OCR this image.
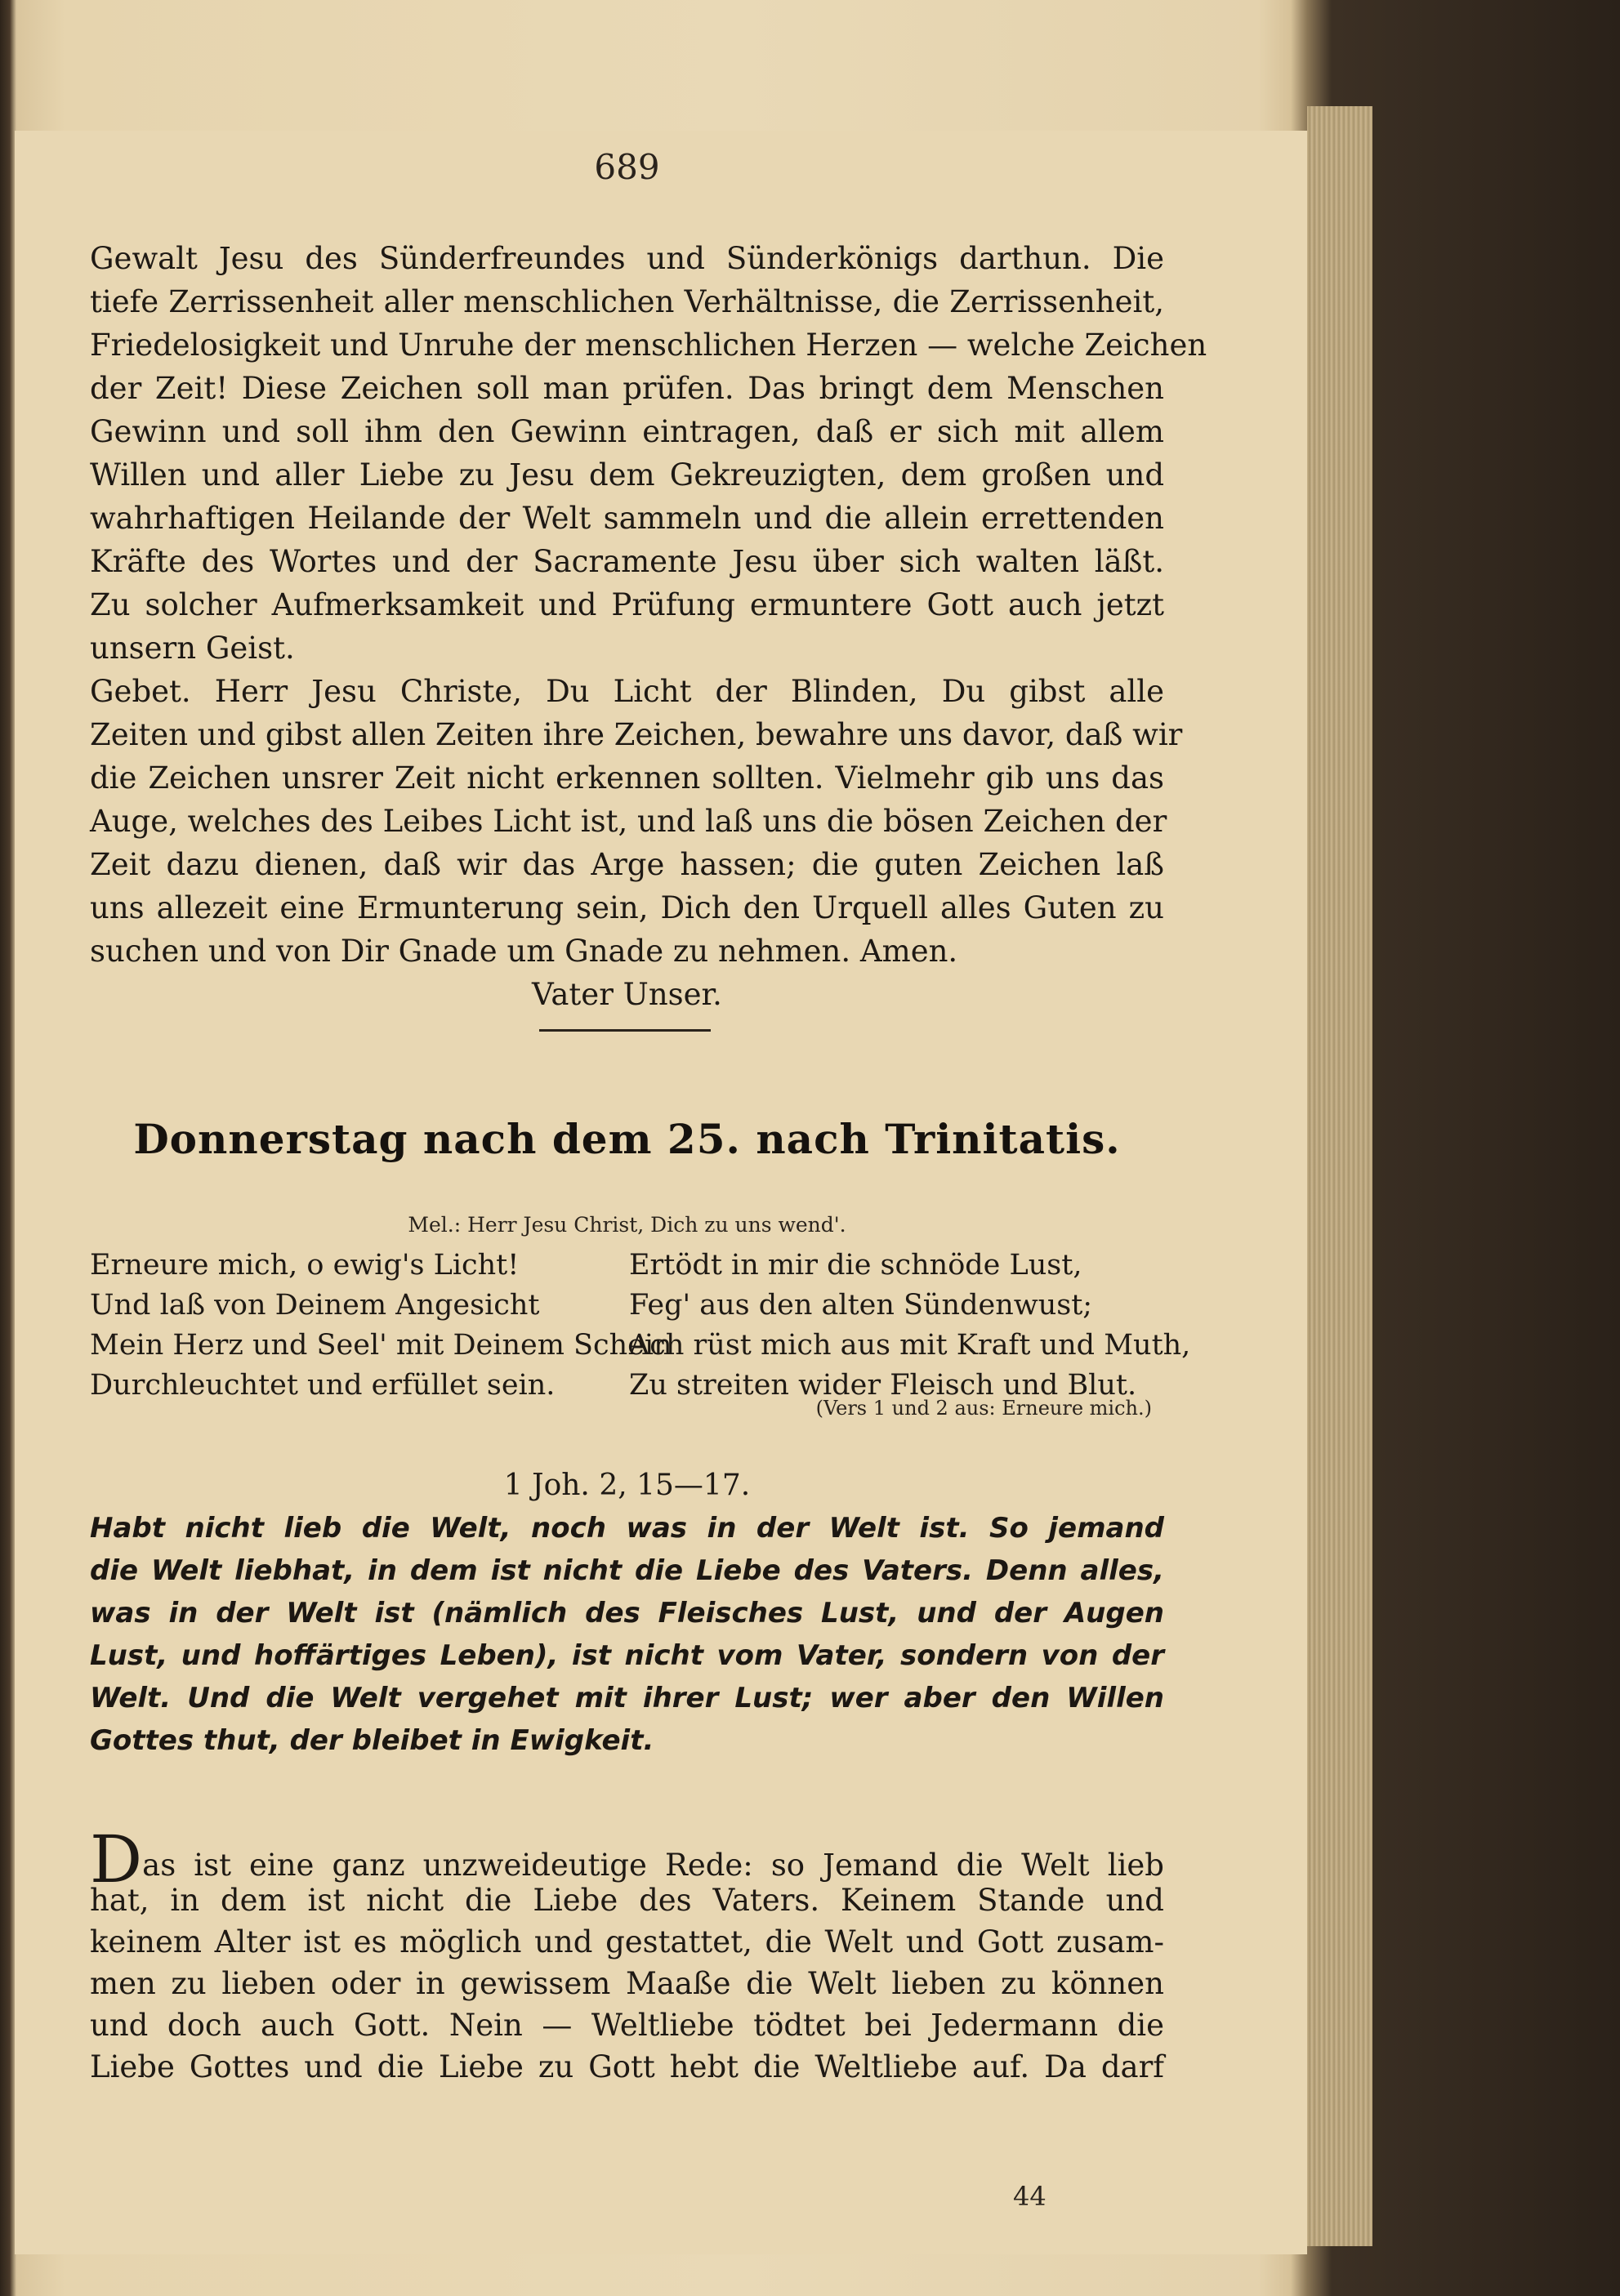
689
Gewalt Jesu des Sünderfreundes und Sünderkönigs darthun. Die
tiefe Zerrissenheit aller menschlichen Verhältnisse, die Zerrissenheit,
Friedelosigkeit und Unruhe der menschlichen Herzen — welche Zeichen
der Zeit! Diese Zeichen soll man prüfen. Das bringt dem Menschen
Gewinn und soll ihm den Gewinn eintragen, daß er sich mit allem
Willen und aller Liebe zu Jesu dem Gekreuzigten, dem großen und
wahrhaftigen Heilande der Welt sammeln und die allein errettenden
Kräfte des Wortes und der Sacramente Jesu über sich walten läßt.
Zu solcher Aufmerksamkeit und Prüfung ermuntere Gott auch jetzt
unsern Geist.
Gebet. Herr Jesu Christe, Du Licht der Blinden, Du gibst alle
Zeiten und gibst allen Zeiten ihre Zeichen, bewahre uns davor, daß wir
die Zeichen unsrer Zeit nicht erkennen sollten. Vielmehr gib uns das
Auge, welches des Leibes Licht ist, und laß uns die bösen Zeichen der
Zeit dazu dienen, daß wir das Arge hassen; die guten Zeichen laß
uns allezeit eine Ermunterung sein, Dich den Urquell alles Guten zu
suchen und von Dir Gnade um Gnade zu nehmen. Amen.
Vater Unser.
Donnerstag nach dem 25. nach Trinitatis.
Mel.: Herr Jesu Christ, Dich zu uns wend'.
Erneure mich, o ewig's Licht!
Und laß von Deinem Angesicht
Mein Herz und Seel' mit Deinem Schein
Durchleuchtet und erfüllet sein.
Ertödt in mir die schnöde Lust,
Feg' aus den alten Sündenwust;
Ach rüst mich aus mit Kraft und Muth,
Zu streiten wider Fleisch und Blut.
(Vers 1 und 2 aus: Erneure mich.)
1 Joh. 2, 15—17.
Habt nicht lieb die Welt, noch was in der Welt ist. So jemand
die Welt liebhat, in dem ist nicht die Liebe des Vaters. Denn alles,
was in der Welt ist (nämlich des Fleisches Lust, und der Augen
Lust, und hoffärtiges Leben), ist nicht vom Vater, sondern von der
Welt. Und die Welt vergehet mit ihrer Lust; wer aber den Willen
Gottes thut, der bleibet in Ewigkeit.
Das ist eine ganz unzweideutige Rede: so Jemand die Welt lieb
hat, in dem ist nicht die Liebe des Vaters. Keinem Stande und
keinem Alter ist es möglich und gestattet, die Welt und Gott zusam-
men zu lieben oder in gewissem Maaße die Welt lieben zu können
und doch auch Gott. Nein — Weltliebe tödtet bei Jedermann die
Liebe Gottes und die Liebe zu Gott hebt die Weltliebe auf. Da darf
44
